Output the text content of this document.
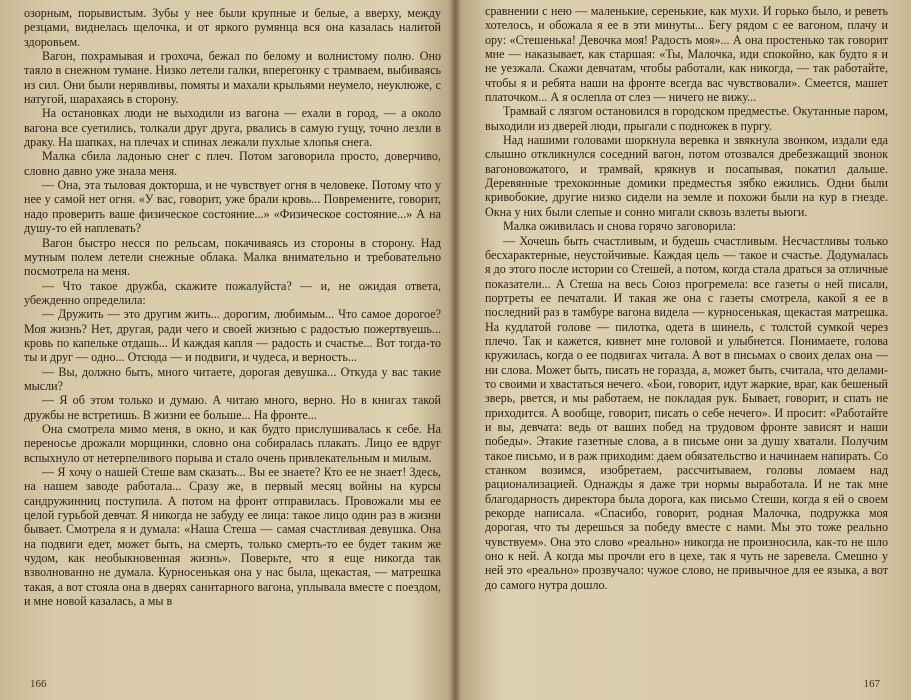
озорным, порывистым. Зубы у нее были крупные и белые, а вверху, между резцами, виднелась щелочка, и от яркого румянца вся она казалась налитой здоровьем.

Вагон, похрамывая и грохоча, бежал по белому и волнистому полю. Оно таяло в снежном тумане. Низко летели галки, вперегонку с трамваем, выбиваясь из сил. Они были нерявливы, помяты и махали крыльями неумело, неуклюже, с натугой, шарахаясь в сторону.

На остановках люди не выходили из вагона — ехали в город, — а около вагона все суетились, толкали друг друга, рвались в самую гущу, точно лезли в драку. На шапках, на плечах и спинах лежали пухлые хлопья снега.

Малка сбила ладонью снег с плеч. Потом заговорила просто, доверчиво, словно давно уже знала меня.

— Она, эта тыловая докторша, и не чувствует огня в человеке. Потому что у нее у самой нет огня. «У вас, говорит, уже брали кровь... Повремените, говорит, надо проверить ваше физическое состояние...» «Физическое состояние...» А на душу-то ей наплевать?

Вагон быстро несся по рельсам, покачиваясь из стороны в сторону. Над мутным полем летели снежные облака. Малка внимательно и требовательно посмотрела на меня.

— Что такое дружба, скажите пожалуйста? — и, не ожидая ответа, убежденно определила:

— Дружить — это другим жить... дорогим, любимым... Что самое дорогое? Моя жизнь? Нет, другая, ради чего и своей жизнью с радостью пожертвуешь... кровь по капельке отдашь... И каждая капля — радость и счастье... Вот тогда-то ты и друг — одно... Отсюда — и подвиги, и чудеса, и верность...

— Вы, должно быть, много читаете, дорогая девушка... Откуда у вас такие мысли?

— Я об этом только и думаю. А читаю много, верно. Но в книгах такой дружбы не встретишь. В жизни ее больше... На фронте...

Она смотрела мимо меня, в окно, и как будто прислушивалась к себе. На переносье дрожали морщинки, словно она собиралась плакать. Лицо ее вдруг вспыхнуло от нетерпеливого порыва и стало очень привлекательным и милым.

— Я хочу о нашей Стеше вам сказать... Вы ее знаете? Кто ее не знает! Здесь, на нашем заводе работала... Сразу же, в первый месяц войны на курсы сандружинниц поступила. А потом на фронт отправилась. Провожали мы ее целой гурьбой девчат. Я никогда не забуду ее лица: такое лицо один раз в жизни бывает. Смотрела я и думала: «Наша Стеша — самая счастливая девушка. Она на подвиги едет, может быть, на смерть, только смерть-то ее будет таким же чудом, как необыкновенная жизнь». Поверьте, что я еще никогда так взволнованно не думала. Курносенькая она у нас была, щекастая, — матрешка такая, а вот стояла она в дверях санитарного вагона, уплывала вместе с поездом, и мне новой казалась, а мы в

166

сравнении с нею — маленькие, серенькие, как мухи. И горько было, и реветь хотелось, и обожала я ее в эти минуты... Бегу рядом с ее вагоном, плачу и ору: «Стешенька! Девочка моя! Радость моя»... А она простенько так говорит мне — наказывает, как старшая: «Ты, Малочка, иди спокойно, как будто я и не уезжала. Скажи девчатам, чтобы работали, как никогда, — так работайте, чтобы я и ребята наши на фронте всегда вас чувствовали». Смеется, машет платочком... А я ослепла от слез — ничего не вижу...

Трамвай с лязгом остановился в городском предместье. Окутанные паром, выходили из дверей люди, прыгали с подножек в пургу.

Над нашими головами шоркнула веревка и звякнула звонком, издали еда слышно откликнулся соседний вагон, потом отозвался дребезжащий звонок вагоновожатого, и трамвай, крякнув и посапывая, покатил дальше. Деревянные трехоконные домики предместья зябко ежились. Одни были кривобокие, другие низко сидели на земле и похожи были на кур в гнезде. Окна у них были слепые и сонно мигали сквозь взлеты вьюги.

Малка оживилась и снова горячо заговорила:

— Хочешь быть счастливым, и будешь счастливым. Несчастливы только бесхарактерные, неустойчивые. Каждая цель — такое и счастье. Додумалась я до этого после истории со Стешей, а потом, когда стала драться за отличные показатели... А Стеша на весь Союз прогремела: все газеты о ней писали, портреты ее печатали. И такая же она с газеты смотрела, какой я ее в последний раз в тамбуре вагона видела — курносенькая, щекастая матрешка. На кудлатой голове — пилотка, одета в шинель, с толстой сумкой через плечо. Так и кажется, кивнет мне головой и улыбнется. Понимаете, голова кружилась, когда о ее подвигах читала. А вот в письмах о своих делах она — ни слова. Может быть, писать не горазда, а, может быть, считала, что делами-то своими и хвастаться нечего. «Бои, говорит, идут жаркие, враг, как бешеный зверь, рвется, и мы работаем, не покладая рук. Бывает, говорит, и спать не приходится. А вообще, говорит, писать о себе нечего». И просит: «Работайте и вы, девчата: ведь от ваших побед на трудовом фронте зависят и наши победы». Этакие газетные слова, а в письме они за душу хватали. Получим такое письмо, и в раж приходим: даем обязательство и начинаем напирать. Со станком возимся, изобретаем, рассчитываем, головы ломаем над рационализацией. Однажды я даже три нормы выработала. И не так мне благодарность директора была дорога, как письмо Стеши, когда я ей о своем рекорде написала. «Спасибо, говорит, родная Малочка, подружка моя дорогая, что ты дерешься за победу вместе с нами. Мы это тоже реально чувствуем». Она это слово «реально» никогда не произносила, как-то не шло оно к ней. А когда мы прочли его в цехе, так я чуть не заревела. Смешно у ней это «реально» прозвучало: чужое слово, не привычное для ее языка, а вот до самого нутра дошло.

167
